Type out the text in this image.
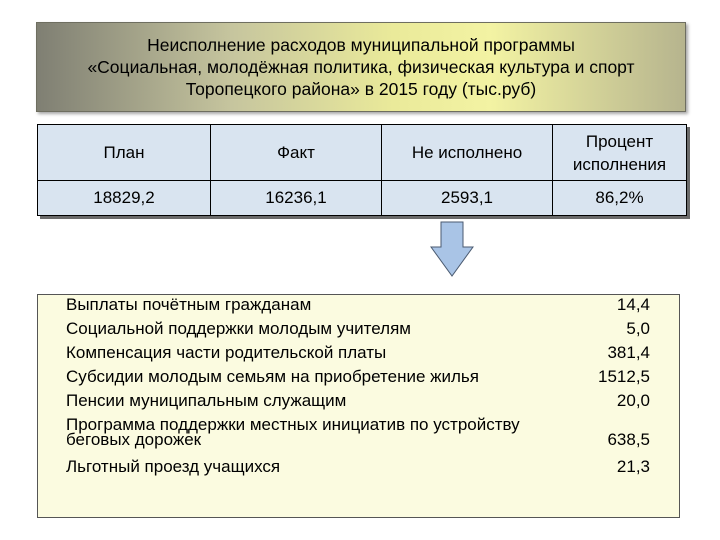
Неисполнение расходов муниципальной программы
«Социальная, молодёжная политика, физическая культура и спорт
Торопецкого района» в 2015 году (тыс.руб)
План	Факт	Не исполнено	Процент
исполнения

18829,2	16236,1	2593,1	86,2%
Выплаты почётным гражданам	14,4
Социальной поддержки молодым учителям	5,0
Компенсация части родительской платы	381,4
Субсидии молодым семьям на приобретение жилья	1512,5
Пенсии муниципальным служащим	20,0
Программа поддержки местных инициатив по устройству
беговых дорожек	638,5
Льготный проезд учащихся	21,3
